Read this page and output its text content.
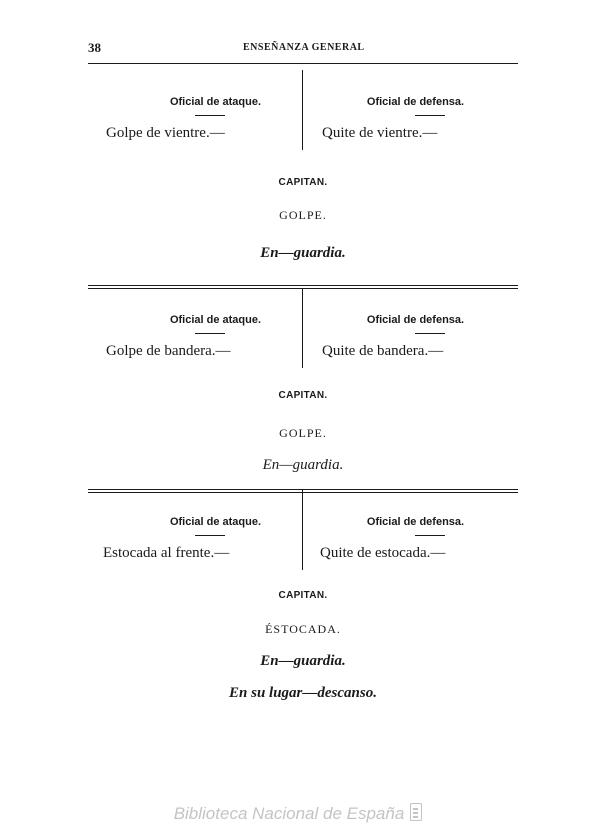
38	ENSEÑANZA GENERAL
Oficial de ataque.
Golpe de vientre.—
Oficial de defensa.
Quite de vientre.—
CAPITAN.
GOLPE.
En—guardia.
Oficial de ataque.
Golpe de bandera.—
Oficial de defensa.
Quite de bandera.—
CAPITAN.
GOLPE.
En—guardia.
Oficial de ataque.
Estocada al frente.—
Oficial de defensa.
Quite de estocada.—
CAPITAN.
ÉSTOCADA.
En—guardia.
En su lugar—descanso.
Biblioteca Nacional de España
